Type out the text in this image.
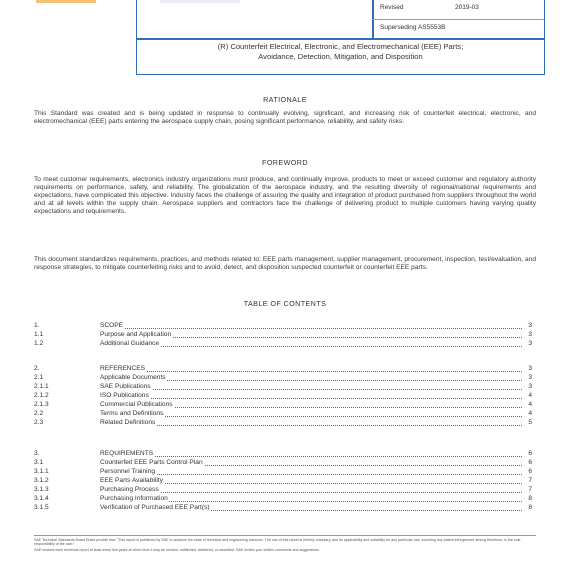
Revised	2019-03
Superseding AS5553B
(R) Counterfeit Electrical, Electronic, and Electromechanical (EEE) Parts;
Avoidance, Detection, Mitigation, and Disposition
RATIONALE
This Standard was created and is being updated in response to continually evolving, significant, and increasing risk of counterfeit electrical, electronic, and electromechanical (EEE) parts entering the aerospace supply chain, posing significant performance, reliability, and safety risks.
FOREWORD
To meet customer requirements, electronics industry organizations must produce, and continually improve, products to meet or exceed customer and regulatory authority requirements on performance, safety, and reliability. The globalization of the aerospace industry, and the resulting diversity of regional/national requirements and expectations, have complicated this objective. Industry faces the challenge of assuring the quality and integration of product purchased from suppliers throughout the world and at all levels within the supply chain. Aerospace suppliers and contractors face the challenge of delivering product to multiple customers having varying quality expectations and requirements.
This document standardizes requirements, practices, and methods related to: EEE parts management, supplier management, procurement, inspection, test/evaluation, and response strategies, to mitigate counterfeiting risks and to avoid, detect, and disposition suspected counterfeit or counterfeit EEE parts.
TABLE OF CONTENTS
1.	SCOPE	3
1.1	Purpose and Application	3
1.2	Additional Guidance	3
2.	REFERENCES	3
2.1	Applicable Documents	3
2.1.1	SAE Publications	3
2.1.2	ISO Publications	4
2.1.3	Commercial Publications	4
2.2	Terms and Definitions	4
2.3	Related Definitions	5
3.	REQUIREMENTS	6
3.1	Counterfeit EEE Parts Control Plan	6
3.1.1	Personnel Training	6
3.1.2	EEE Parts Availability	7
3.1.3	Purchasing Process	7
3.1.4	Purchasing Information	8
3.1.5	Verification of Purchased EEE Part(s)	8
SAE Technical Standards Board Rules provide that: "This report is published by SAE to advance the state of technical and engineering sciences. The use of this report is entirely voluntary, and its applicability and suitability for any particular use, including any patent infringement arising therefrom, is the sole responsibility of the user."
SAE reviews each technical report at least every five years at which time it may be revised, reaffirmed, stabilized, or cancelled. SAE invites your written comments and suggestions.
